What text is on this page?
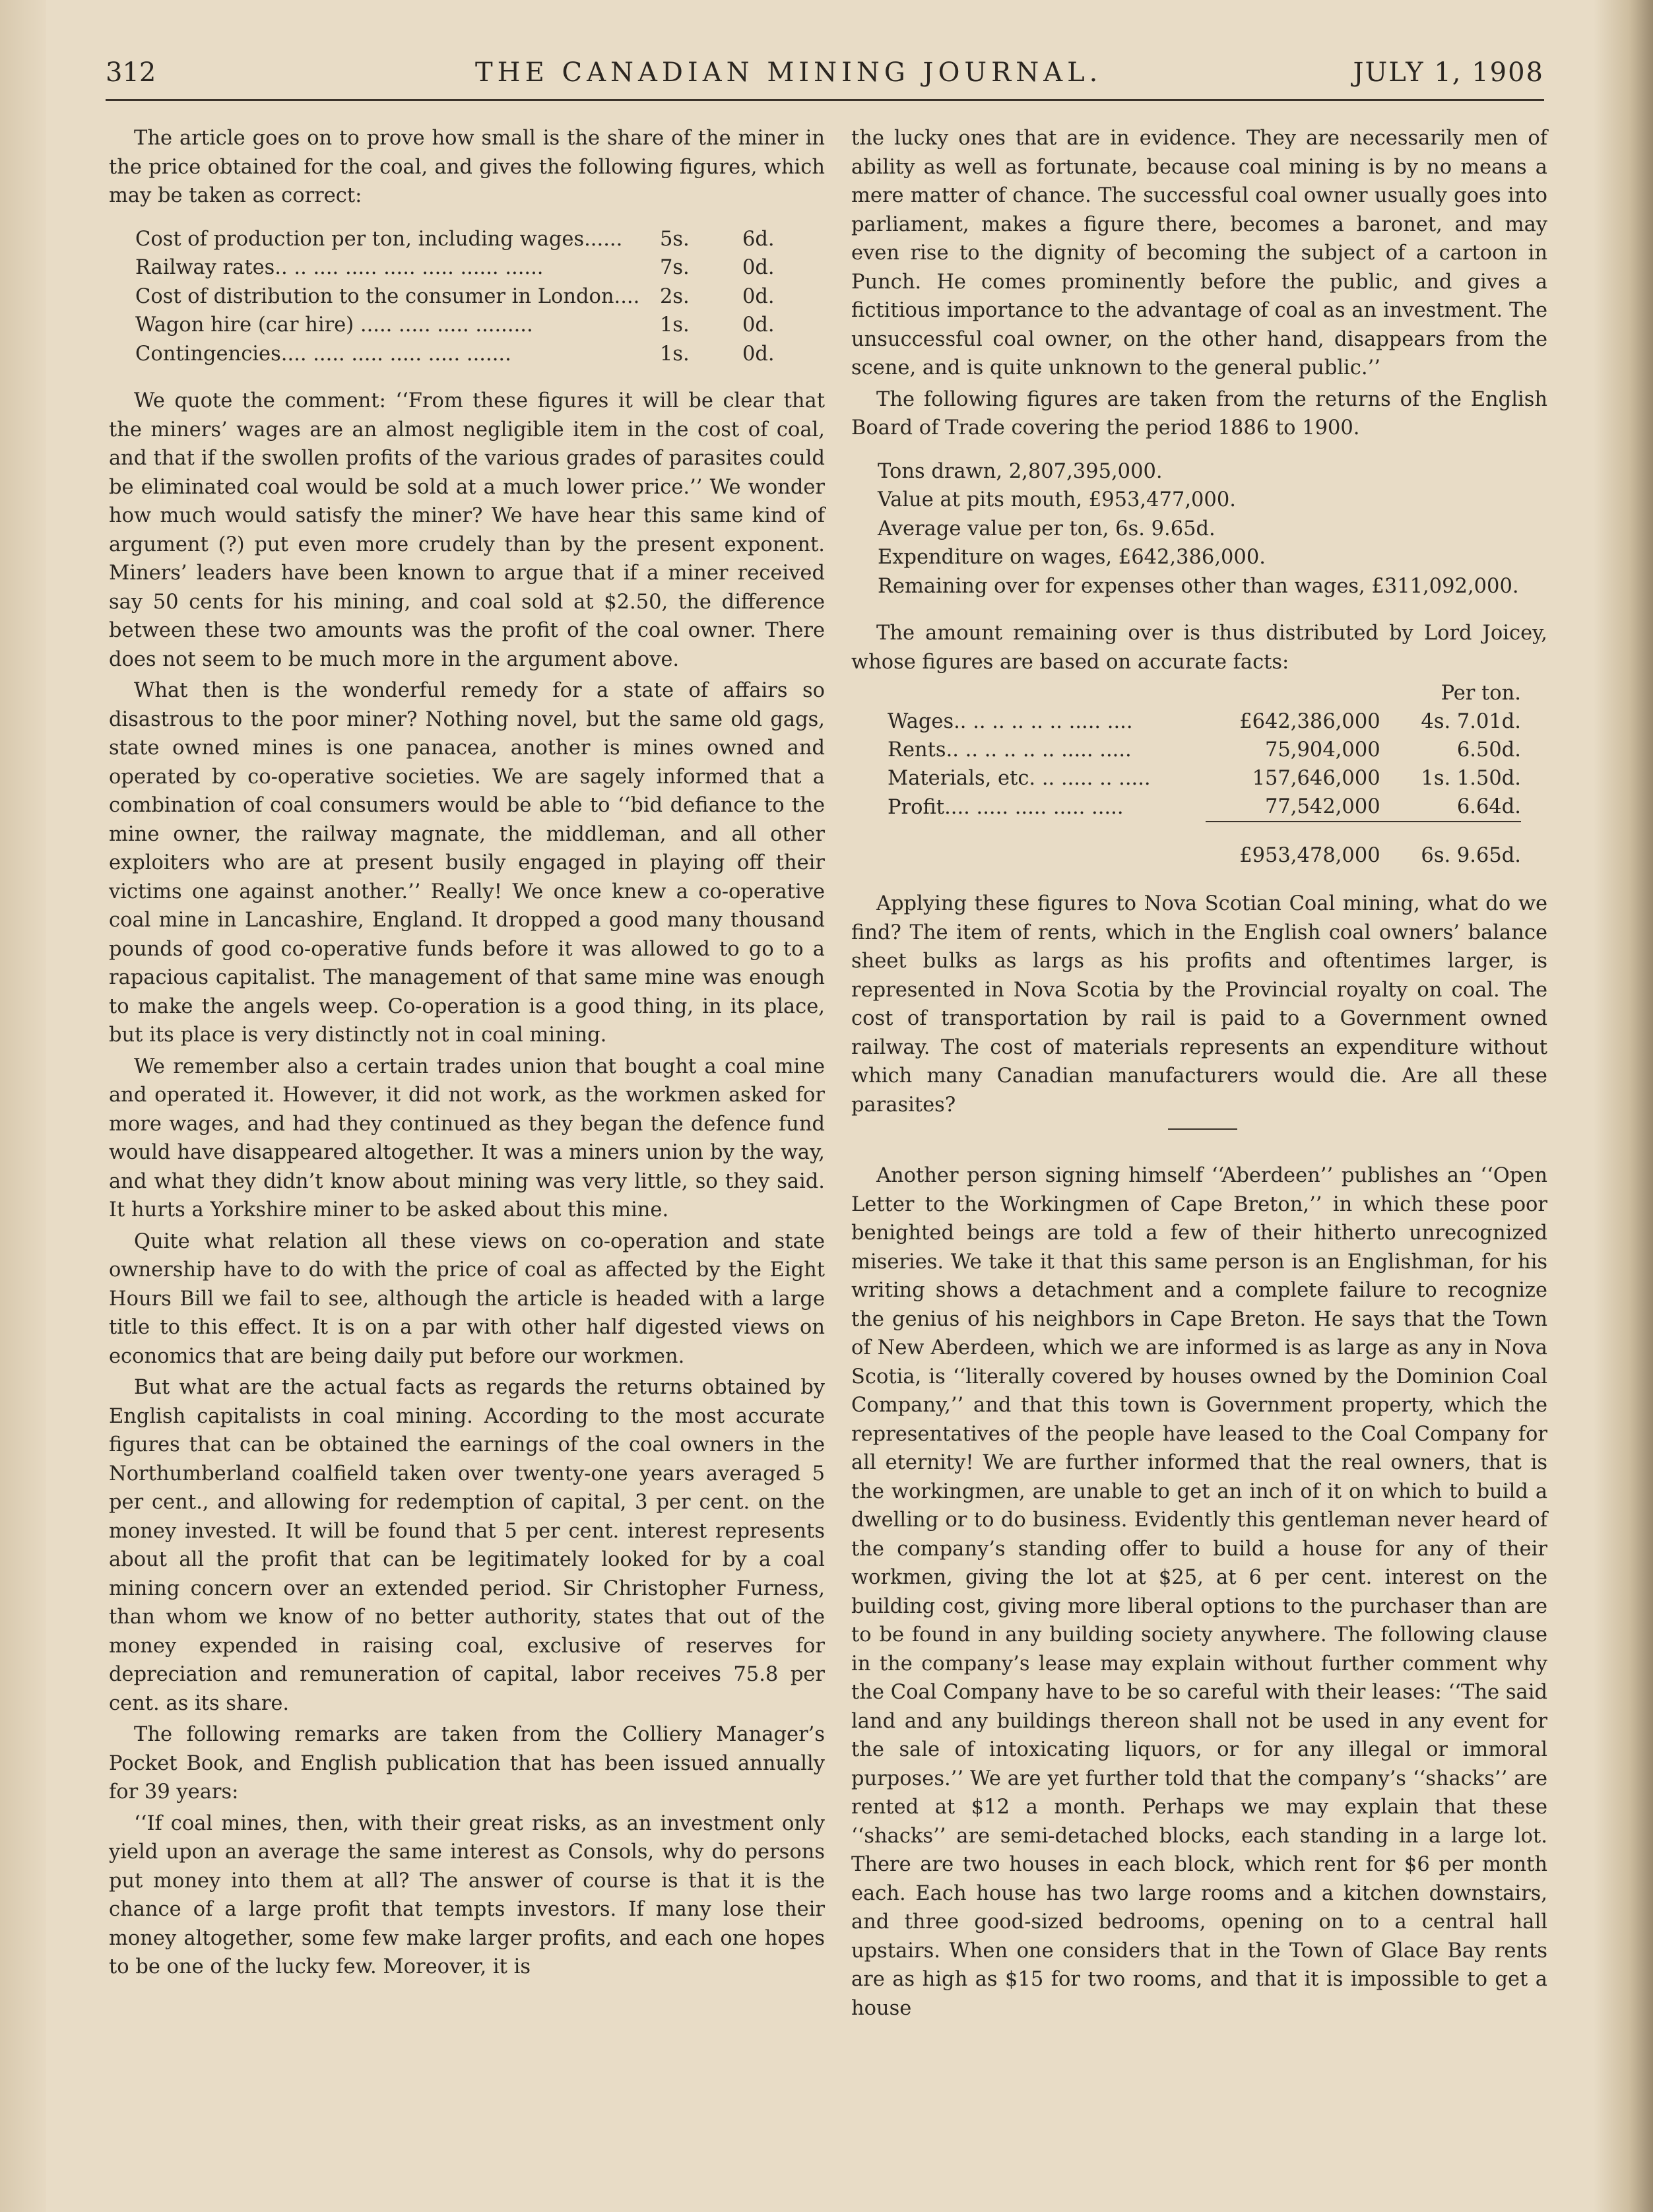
312	THE CANADIAN MINING JOURNAL.	JULY 1, 1908

The article goes on to prove how small is the share of the miner in the price obtained for the coal, and gives the following figures, which may be taken as correct:

Cost of production per ton, including wages......	5s.	6d.
Railway rates.. .. .... ..... ..... ..... ...... ......	7s.	0d.
Cost of distribution to the consumer in London....	2s.	0d.
Wagon hire (car hire) ..... ..... ..... .........	1s.	0d.
Contingencies.... ..... ..... ..... ..... .......	1s.	0d.

We quote the comment: ‘‘From these figures it will be clear that the miners’ wages are an almost negligible item in the cost of coal, and that if the swollen profits of the various grades of parasites could be eliminated coal would be sold at a much lower price.’’ We wonder how much would satisfy the miner? We have hear this same kind of argument (?) put even more crudely than by the present exponent. Miners’ leaders have been known to argue that if a miner received say 50 cents for his mining, and coal sold at $2.50, the difference between these two amounts was the profit of the coal owner. There does not seem to be much more in the argument above.

What then is the wonderful remedy for a state of affairs so disastrous to the poor miner? Nothing novel, but the same old gags, state owned mines is one panacea, another is mines owned and operated by co-operative societies. We are sagely informed that a combination of coal consumers would be able to ‘‘bid defiance to the mine owner, the railway magnate, the middleman, and all other exploiters who are at present busily engaged in playing off their victims one against another.’’ Really! We once knew a co-operative coal mine in Lancashire, England. It dropped a good many thousand pounds of good co-operative funds before it was allowed to go to a rapacious capitalist. The management of that same mine was enough to make the angels weep. Co-operation is a good thing, in its place, but its place is very distinctly not in coal mining.

We remember also a certain trades union that bought a coal mine and operated it. However, it did not work, as the workmen asked for more wages, and had they continued as they began the defence fund would have disappeared altogether. It was a miners union by the way, and what they didn’t know about mining was very little, so they said. It hurts a Yorkshire miner to be asked about this mine.

Quite what relation all these views on co-operation and state ownership have to do with the price of coal as affected by the Eight Hours Bill we fail to see, although the article is headed with a large title to this effect. It is on a par with other half digested views on economics that are being daily put before our workmen.

But what are the actual facts as regards the returns obtained by English capitalists in coal mining. According to the most accurate figures that can be obtained the earnings of the coal owners in the Northumberland coalfield taken over twenty-one years averaged 5 per cent., and allowing for redemption of capital, 3 per cent. on the money invested. It will be found that 5 per cent. interest represents about all the profit that can be legitimately looked for by a coal mining concern over an extended period. Sir Christopher Furness, than whom we know of no better authority, states that out of the money expended in raising coal, exclusive of reserves for depreciation and remuneration of capital, labor receives 75.8 per cent. as its share.

The following remarks are taken from the Colliery Manager’s Pocket Book, and English publication that has been issued annually for 39 years:

‘‘If coal mines, then, with their great risks, as an investment only yield upon an average the same interest as Consols, why do persons put money into them at all? The answer of course is that it is the chance of a large profit that tempts investors. If many lose their money altogether, some few make larger profits, and each one hopes to be one of the lucky few. Moreover, it is

the lucky ones that are in evidence. They are necessarily men of ability as well as fortunate, because coal mining is by no means a mere matter of chance. The successful coal owner usually goes into parliament, makes a figure there, becomes a baronet, and may even rise to the dignity of becoming the subject of a cartoon in Punch. He comes prominently before the public, and gives a fictitious importance to the advantage of coal as an investment. The unsuccessful coal owner, on the other hand, disappears from the scene, and is quite unknown to the general public.’’

The following figures are taken from the returns of the English Board of Trade covering the period 1886 to 1900.

Tons drawn, 2,807,395,000.
Value at pits mouth, £953,477,000.
Average value per ton, 6s. 9.65d.
Expenditure on wages, £642,386,000.
Remaining over for expenses other than wages, £311,092,000.

The amount remaining over is thus distributed by Lord Joicey, whose figures are based on accurate facts:

		Per ton.
Wages.. .. .. .. .. .. ..... ....	£642,386,000	4s. 7.01d.
Rents.. .. .. .. .. .. ..... .....	75,904,000	6.50d.
Materials, etc. .. ..... .. .....	157,646,000	1s. 1.50d.
Profit.... ..... ..... ..... .....	77,542,000	6.64d.

	£953,478,000	6s. 9.65d.

Applying these figures to Nova Scotian Coal mining, what do we find? The item of rents, which in the English coal owners’ balance sheet bulks as largs as his profits and oftentimes larger, is represented in Nova Scotia by the Provincial royalty on coal. The cost of transportation by rail is paid to a Government owned railway. The cost of materials represents an expenditure without which many Canadian manufacturers would die. Are all these parasites?

Another person signing himself ‘‘Aberdeen’’ publishes an ‘‘Open Letter to the Workingmen of Cape Breton,’’ in which these poor benighted beings are told a few of their hitherto unrecognized miseries. We take it that this same person is an Englishman, for his writing shows a detachment and a complete failure to recognize the genius of his neighbors in Cape Breton. He says that the Town of New Aberdeen, which we are informed is as large as any in Nova Scotia, is ‘‘literally covered by houses owned by the Dominion Coal Company,’’ and that this town is Government property, which the representatives of the people have leased to the Coal Company for all eternity! We are further informed that the real owners, that is the workingmen, are unable to get an inch of it on which to build a dwelling or to do business. Evidently this gentleman never heard of the company’s standing offer to build a house for any of their workmen, giving the lot at $25, at 6 per cent. interest on the building cost, giving more liberal options to the purchaser than are to be found in any building society anywhere. The following clause in the company’s lease may explain without further comment why the Coal Company have to be so careful with their leases: ‘‘The said land and any buildings thereon shall not be used in any event for the sale of intoxicating liquors, or for any illegal or immoral purposes.’’ We are yet further told that the company’s ‘‘shacks’’ are rented at $12 a month. Perhaps we may explain that these ‘‘shacks’’ are semi-detached blocks, each standing in a large lot. There are two houses in each block, which rent for $6 per month each. Each house has two large rooms and a kitchen downstairs, and three good-sized bedrooms, opening on to a central hall upstairs. When one considers that in the Town of Glace Bay rents are as high as $15 for two rooms, and that it is impossible to get a house
